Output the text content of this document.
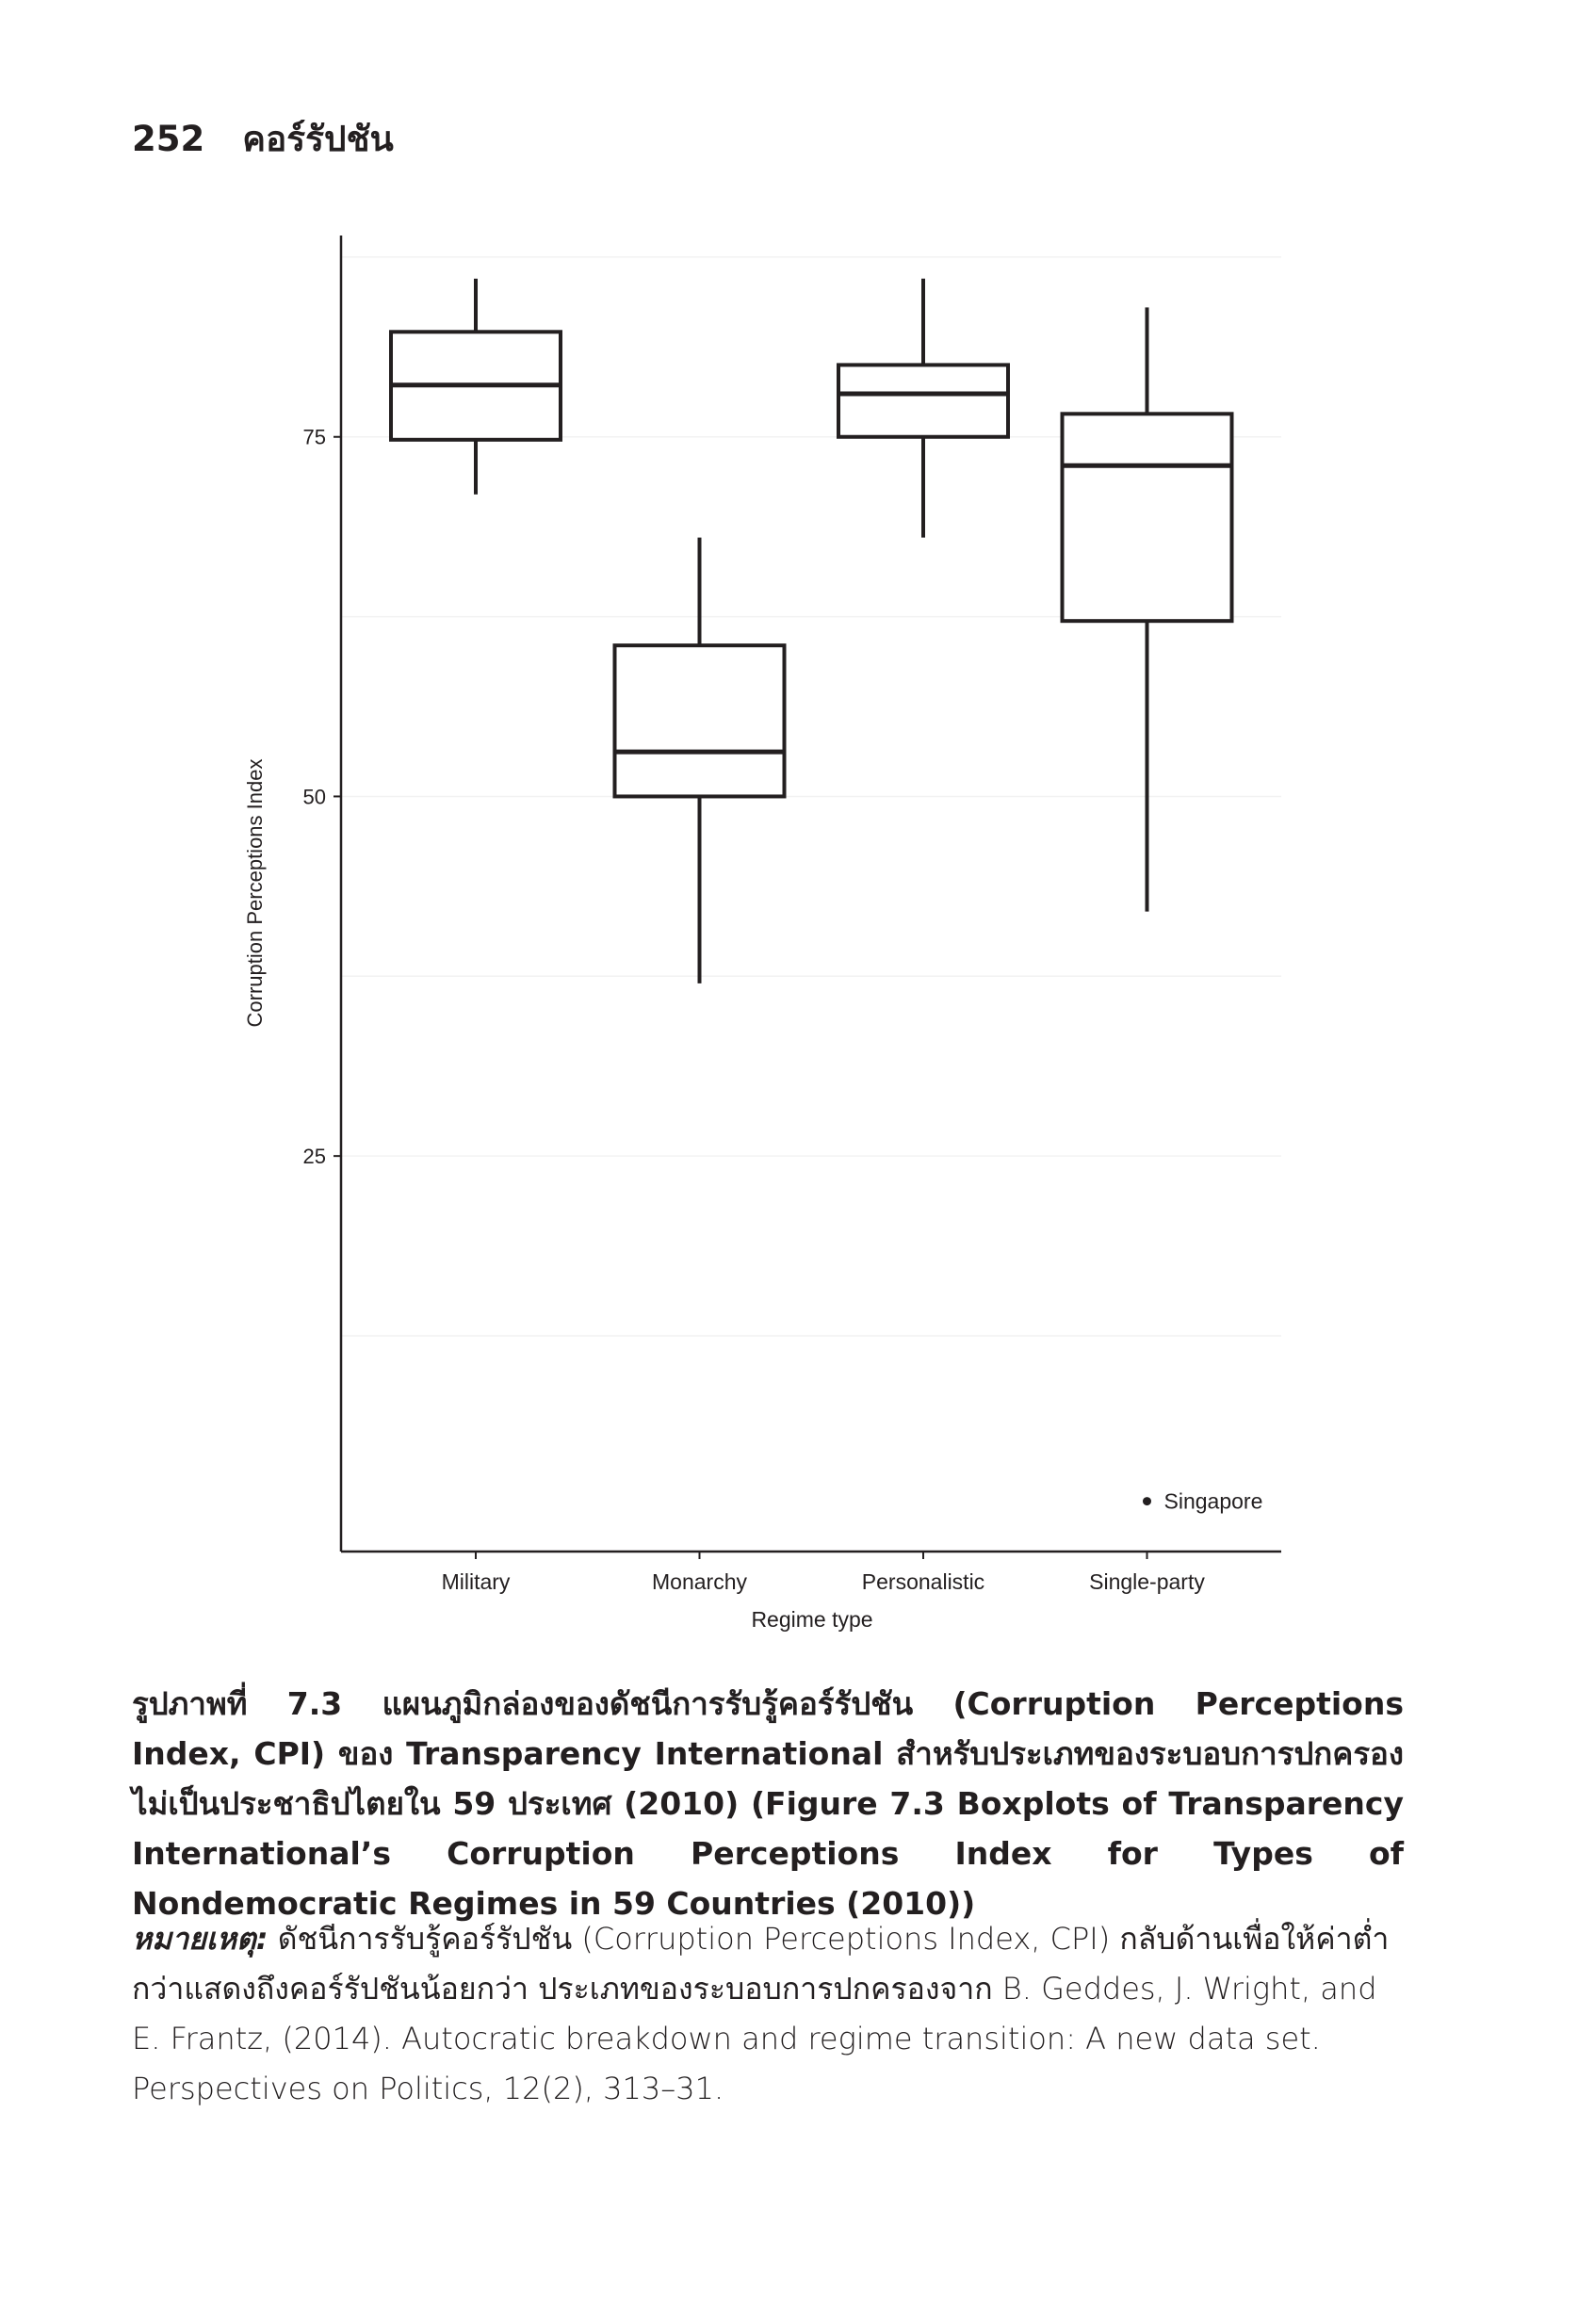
252 คอร์รัปชัน
25
50
75
Military	Monarchy	Personalistic	Single-party
Singapore
Corruption Perceptions Index
Regime type
รูปภาพที่ 7.3 แผนภูมิกล่องของดัชนีการรับรู้คอร์รัปชัน (Corruption Perceptions Index, CPI) ของ Transparency International สำหรับประเภทของระบอบการปกครองไม่เป็นประชาธิปไตยใน 59 ประเทศ (2010) (Figure 7.3 Boxplots of Transparency International’s Corruption Perceptions Index for Types of Nondemocratic Regimes in 59 Countries (2010))
หมายเหตุ: ดัชนีการรับรู้คอร์รัปชัน (Corruption Perceptions Index, CPI) กลับด้านเพื่อให้ค่าต่ำกว่าแสดงถึงคอร์รัปชันน้อยกว่า ประเภทของระบอบการปกครองจาก B. Geddes, J. Wright, and E. Frantz, (2014). Autocratic breakdown and regime transition: A new data set. Perspectives on Politics, 12(2), 313–31.
